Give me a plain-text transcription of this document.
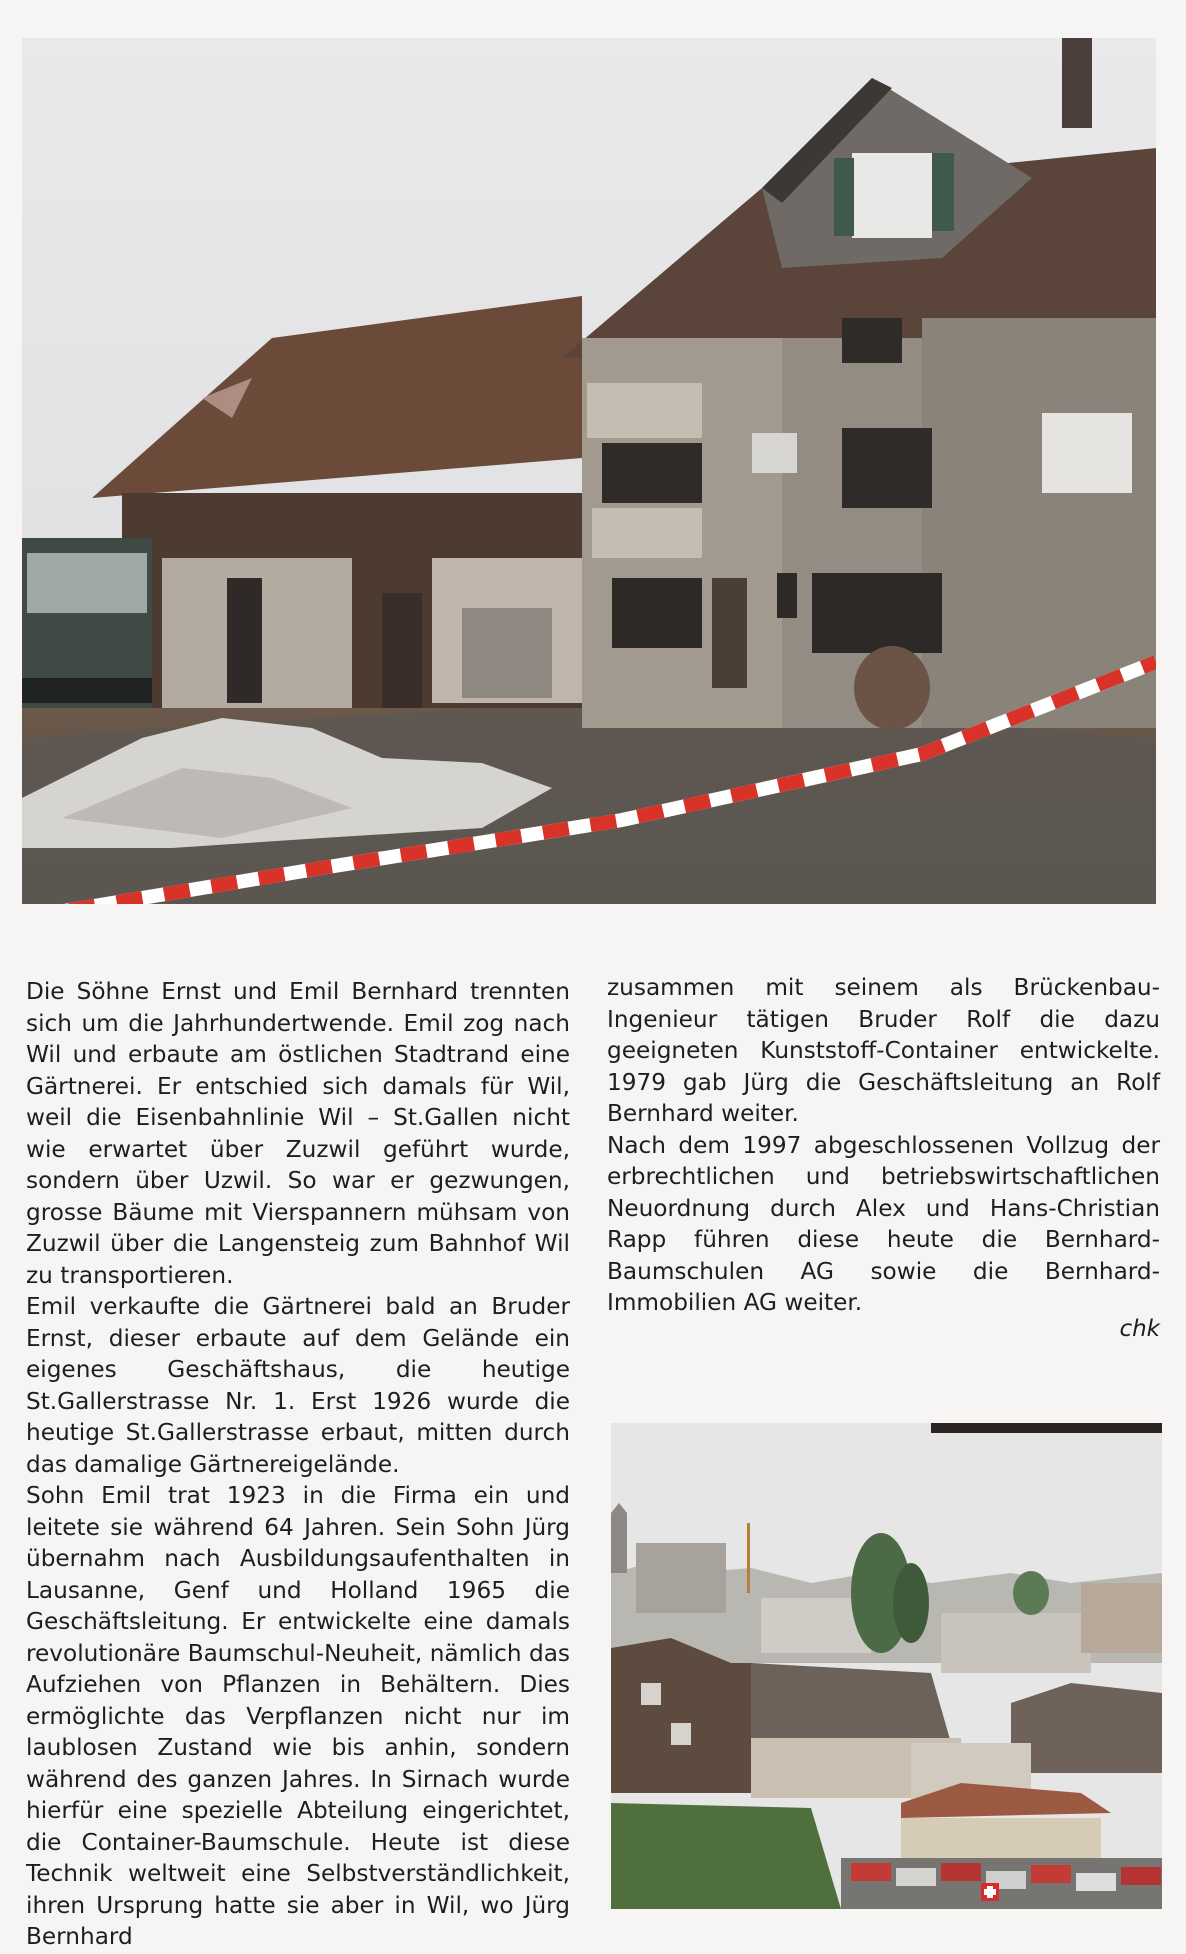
Die Söhne Ernst und Emil Bernhard trennten sich um die Jahrhundertwende. Emil zog nach Wil und erbaute am östlichen Stadtrand eine Gärtnerei. Er entschied sich damals für Wil, weil die Eisenbahnlinie Wil – St.Gallen nicht wie erwartet über Zuzwil geführt wurde, sondern über Uzwil. So war er gezwungen, grosse Bäume mit Vierspannern mühsam von Zuzwil über die Langensteig zum Bahnhof Wil zu transportieren.

Emil verkaufte die Gärtnerei bald an Bruder Ernst, dieser erbaute auf dem Gelände ein eigenes Geschäftshaus, die heutige St.Gallerstrasse Nr. 1. Erst 1926 wurde die heutige St.Gallerstrasse erbaut, mitten durch das damalige Gärtnereigelände.

Sohn Emil trat 1923 in die Firma ein und leitete sie während 64 Jahren. Sein Sohn Jürg übernahm nach Ausbildungsaufenthalten in Lausanne, Genf und Holland 1965 die Geschäftsleitung. Er entwickelte eine damals revolutionäre Baumschul-Neuheit, nämlich das Aufziehen von Pflanzen in Behältern. Dies ermöglichte das Verpflanzen nicht nur im laublosen Zustand wie bis anhin, sondern während des ganzen Jahres. In Sirnach wurde hierfür eine spezielle Abteilung eingerichtet, die Container-Baumschule. Heute ist diese Technik weltweit eine Selbstverständlichkeit, ihren Ursprung hatte sie aber in Wil, wo Jürg Bernhard

zusammen mit seinem als Brückenbau-Ingenieur tätigen Bruder Rolf die dazu geeigneten Kunststoff-Container entwickelte. 1979 gab Jürg die Geschäftsleitung an Rolf Bernhard weiter.

Nach dem 1997 abgeschlossenen Vollzug der erbrechtlichen und betriebswirtschaftlichen Neuordnung durch Alex und Hans-Christian Rapp führen diese heute die Bernhard-Baumschulen AG sowie die Bernhard-Immobilien AG weiter.

chk
